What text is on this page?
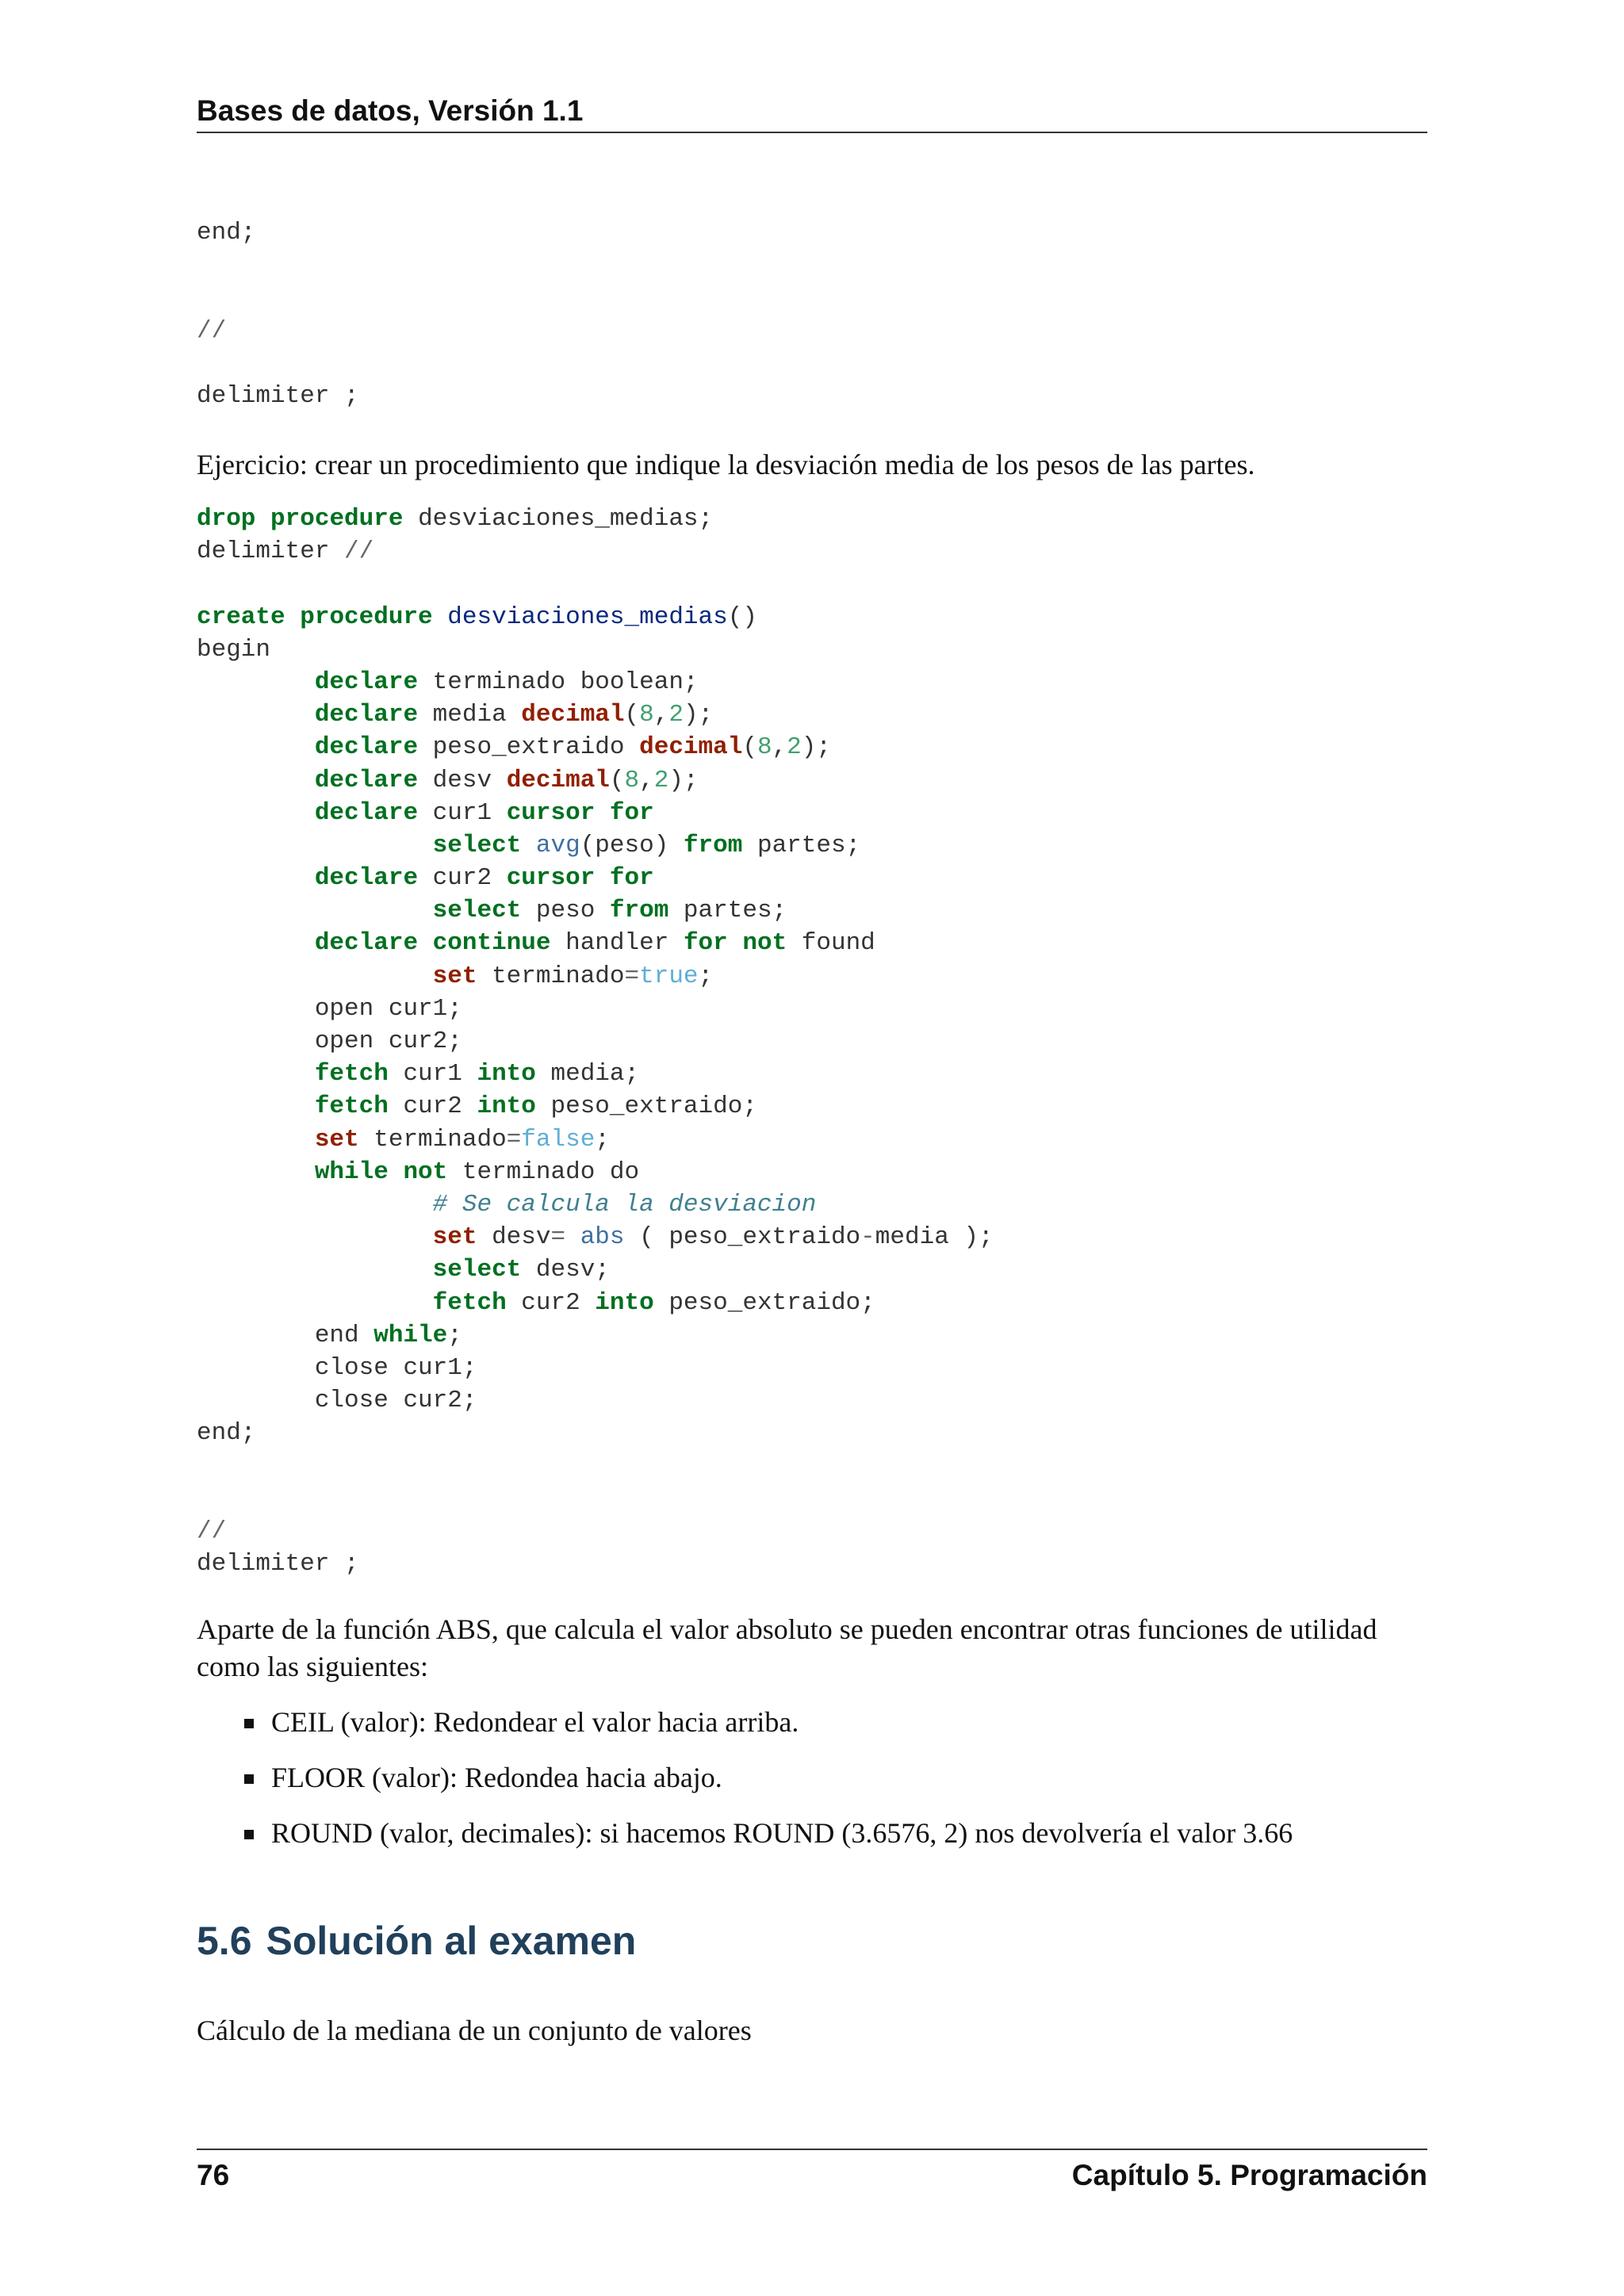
Bases de datos, Versión 1.1
end;
//
delimiter ;

Ejercicio: crear un procedimiento que indique la desviación media de los pesos de las partes.

drop procedure desviaciones_medias;
delimiter //
create procedure desviaciones_medias()
begin
declare terminado boolean;
declare media decimal(8,2);
declare peso_extraido decimal(8,2);
declare desv decimal(8,2);
declare cur1 cursor for
select avg(peso) from partes;
declare cur2 cursor for
select peso from partes;
declare continue handler for not found
set terminado=true;
open cur1;
open cur2;
fetch cur1 into media;
fetch cur2 into peso_extraido;
set terminado=false;
while not terminado do
# Se calcula la desviacion
set desv= abs ( peso_extraido-media );
select desv;
fetch cur2 into peso_extraido;
end while;
close cur1;
close cur2;
end;
//
delimiter ;

Aparte de la función ABS, que calcula el valor absoluto se pueden encontrar otras funciones de utilidad como las siguientes:

CEIL (valor): Redondear el valor hacia arriba.
FLOOR (valor): Redondea hacia abajo.
ROUND (valor, decimales): si hacemos ROUND (3.6576, 2) nos devolvería el valor 3.66
5.6 Solución al examen

Cálculo de la mediana de un conjunto de valores

76	Capítulo 5. Programación
